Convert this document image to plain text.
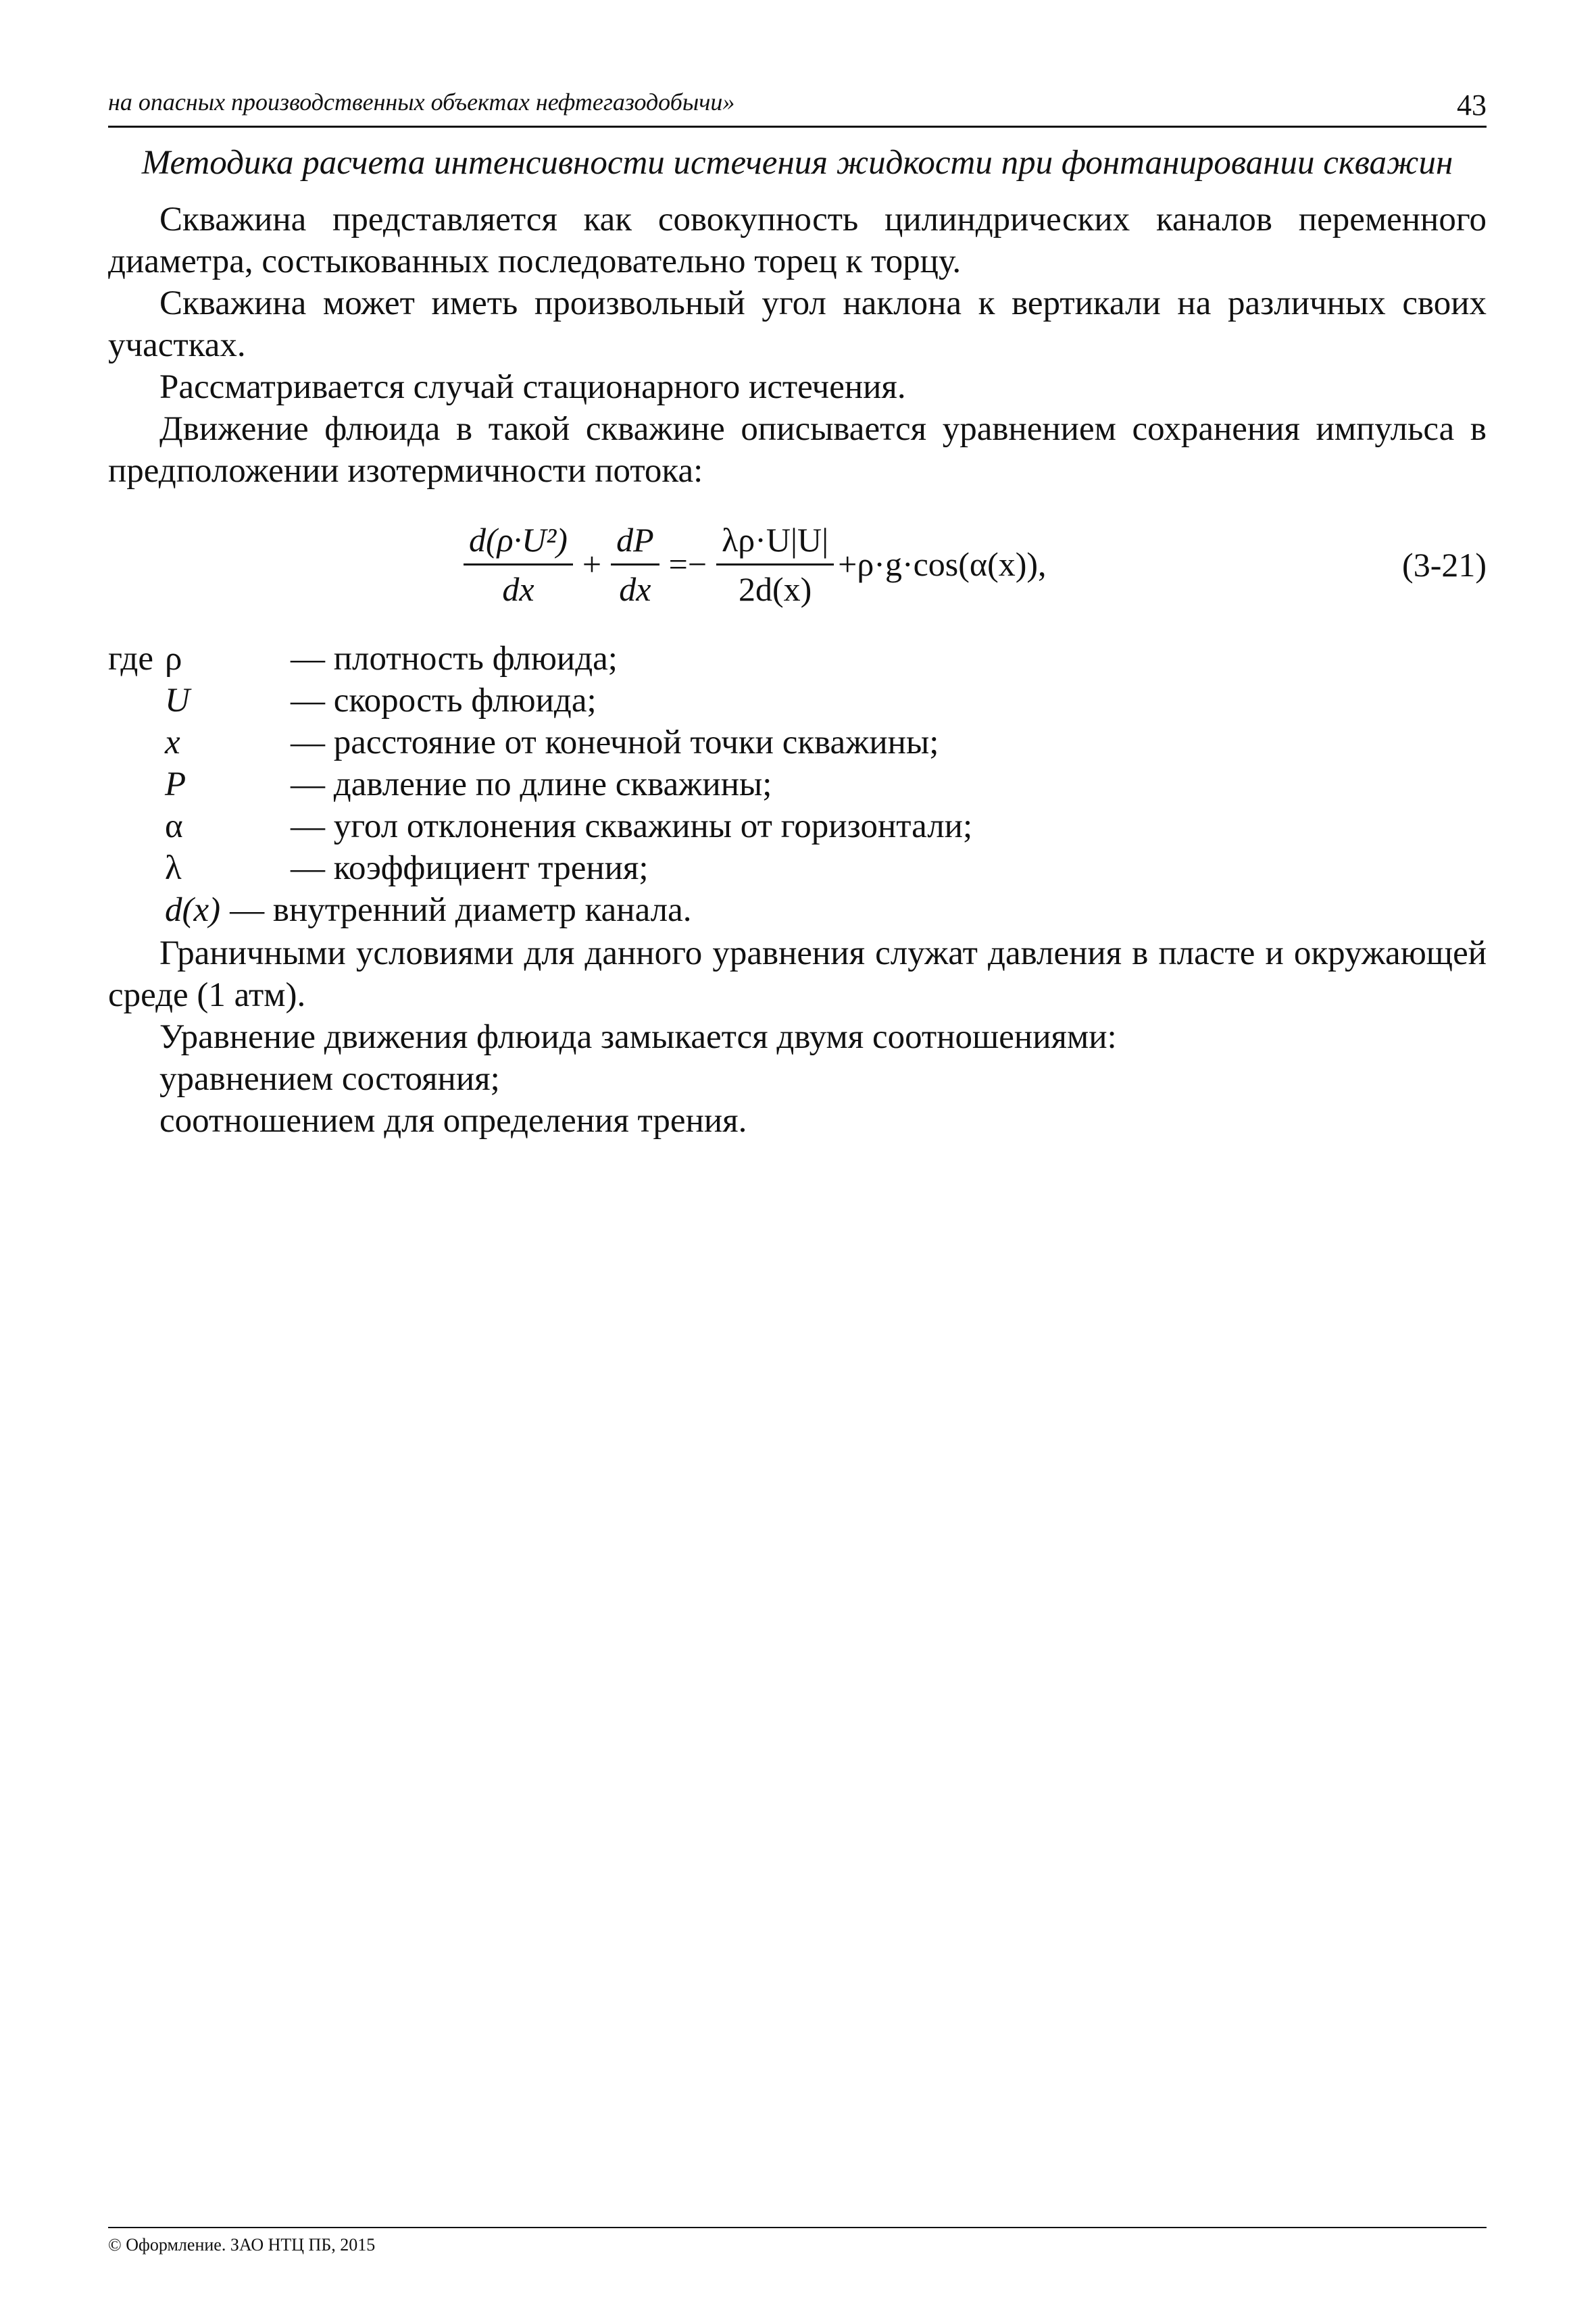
на опасных производственных объектах нефтегазодобычи»	43
Методика расчета интенсивности истечения жидкости при фонтанировании скважин

Скважина представляется как совокупность цилиндрических каналов переменного диаметра, состыкованных последовательно торец к торцу.

Скважина может иметь произвольный угол наклона к вертикали на различных своих участках.

Рассматривается случай стационарного истечения.

Движение флюида в такой скважине описывается уравнением сохранения импульса в предположении изотермичности потока:

$\frac{\text{d(ρ·U²)}}{dx} + \frac{dP}{dx} =- \frac{\lambda\rho\cdot U|U|}{2d(x)} +\rho\cdot g\cdot\cos(\alpha(x))$,	(3-21)
где ρ	— плотность флюида;
U	— скорость флюида;
x	— расстояние от конечной точки скважины;
P	— давление по длине скважины;
α	— угол отклонения скважины от горизонтали;
λ	— коэффициент трения;
d(x) — внутренний диаметр канала.

Граничными условиями для данного уравнения служат давления в пласте и окружающей среде (1 атм).

Уравнение движения флюида замыкается двумя соотношениями:

уравнением состояния;

соотношением для определения трения.

© Оформление. ЗАО НТЦ ПБ, 2015
